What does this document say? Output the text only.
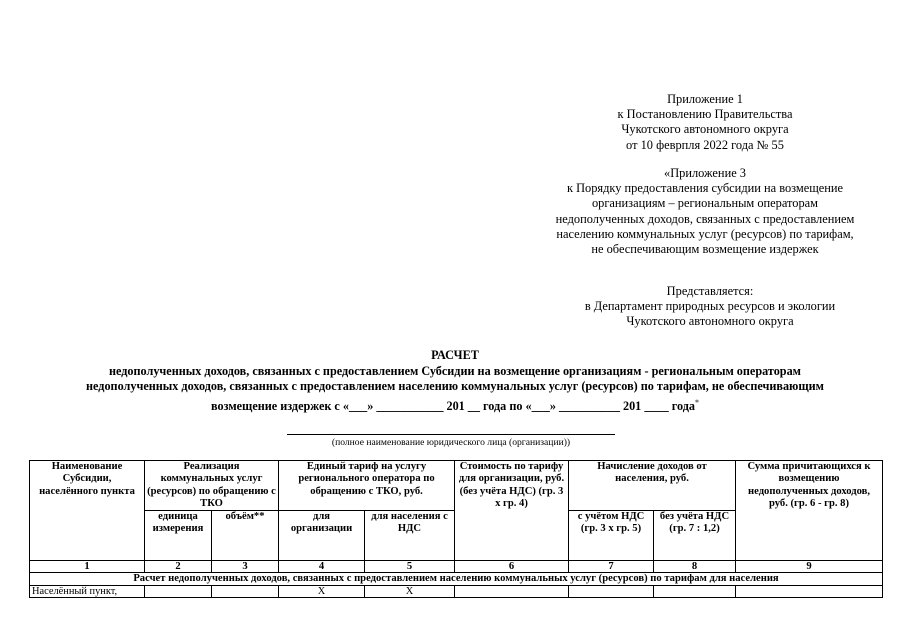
Приложение 1
к Постановлению Правительства
Чукотского автономного округа
от 10 феврпля 2022 года № 55
«Приложение 3
к Порядку предоставления субсидии на возмещение
организациям – региональным операторам
недополученных доходов, связанных с предоставлением
населению коммунальных услуг (ресурсов) по тарифам,
не обеспечивающим возмещение издержек
Представляется:
в Департамент природных ресурсов и экологии
Чукотского автономного округа
РАСЧЕТ
недополученных доходов, связанных с предоставлением Субсидии на возмещение организациям - региональным операторам
недополученных доходов, связанных с предоставлением населению коммунальных услуг (ресурсов) по тарифам, не обеспечивающим
возмещение издержек с «___» ___________ 201 __ года по «___» __________ 201 ____ года*
(полное наименование юридического лица (организации))
Наименование Субсидии, населённого пункта	Реализация коммунальных услуг (ресурсов) по обращению с ТКО		Единый тариф на услугу регионального оператора по обращению с ТКО, руб.		Стоимость по тарифу для организации, руб. (без учёта НДС) (гр. 3 х гр. 4)	Начисление доходов от населения, руб.		Сумма причитающихся к возмещению недополученных доходов, руб. (гр. 6 - гр. 8)
	единица измерения	объём**	для организации	для населения с НДС		с учётом НДС (гр. 3 х гр. 5)	без учёта НДС (гр. 7 : 1,2)	
1	2	3	4	5	6	7	8	9
Расчет недополученных доходов, связанных с предоставлением населению коммунальных услуг (ресурсов) по тарифам для населения								
Населённый пункт,			Х	Х				
